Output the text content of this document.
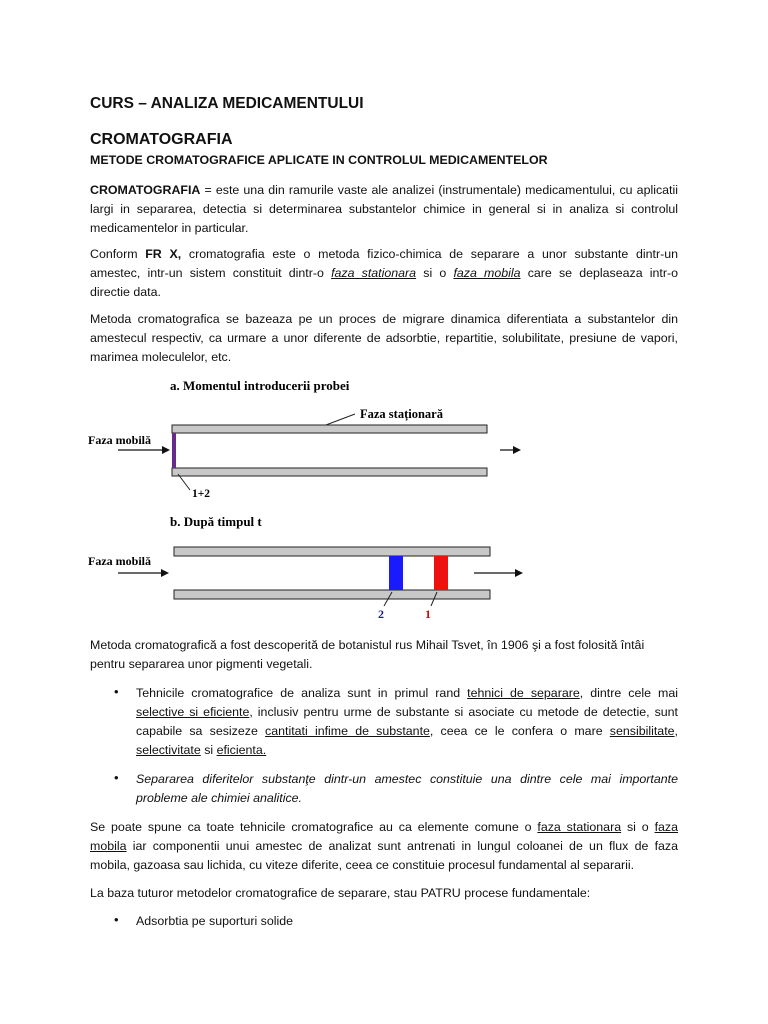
CURS – ANALIZA MEDICAMENTULUI
CROMATOGRAFIA
METODE CROMATOGRAFICE APLICATE IN CONTROLUL MEDICAMENTELOR
CROMATOGRAFIA = este una din ramurile vaste ale analizei (instrumentale) medicamentului, cu aplicatii
largi in separarea, detectia si determinarea substantelor chimice in general si in analiza si controlul
medicamentelor in particular.
Conform FR X, cromatografia este o metoda fizico-chimica de separare a unor substante dintr-un
amestec, intr-un sistem constituit dintr-o faza stationara si o faza mobila care se deplaseaza intr-o
directie data.
Metoda cromatografica se bazeaza pe un proces de migrare dinamica diferentiata a substantelor din
amestecul respectiv, ca urmare a unor diferente de adsorbtie, repartitie, solubilitate, presiune de vapori,
marimea moleculelor, etc.
a. Momentul introducerii probei
Faza staționară
Faza mobilă
1+2
b. După timpul t
Faza mobilă
2	1
Metoda cromatografică a fost descoperită de botanistul rus Mihail Tsvet, în 1906 şi a fost folosită întâi
pentru separarea unor pigmenti vegetali.
• Tehnicile cromatografice de analiza sunt in primul rand tehnici de separare, dintre cele mai
selective si eficiente, inclusiv pentru urme de substante si asociate cu metode de detectie, sunt
capabile sa sesizeze cantitati infime de substante, ceea ce le confera o mare sensibilitate,
selectivitate si eficienta.
• Separarea diferitelor substanţe dintr-un amestec constituie una dintre cele mai importante
probleme ale chimiei analitice.
Se poate spune ca toate tehnicile cromatografice au ca elemente comune o faza stationara si o faza
mobila iar componentii unui amestec de analizat sunt antrenati in lungul coloanei de un flux de faza
mobila, gazoasa sau lichida, cu viteze diferite, ceea ce constituie procesul fundamental al separarii.
La baza tuturor metodelor cromatografice de separare, stau PATRU procese fundamentale:
• Adsorbtia pe suporturi solide
